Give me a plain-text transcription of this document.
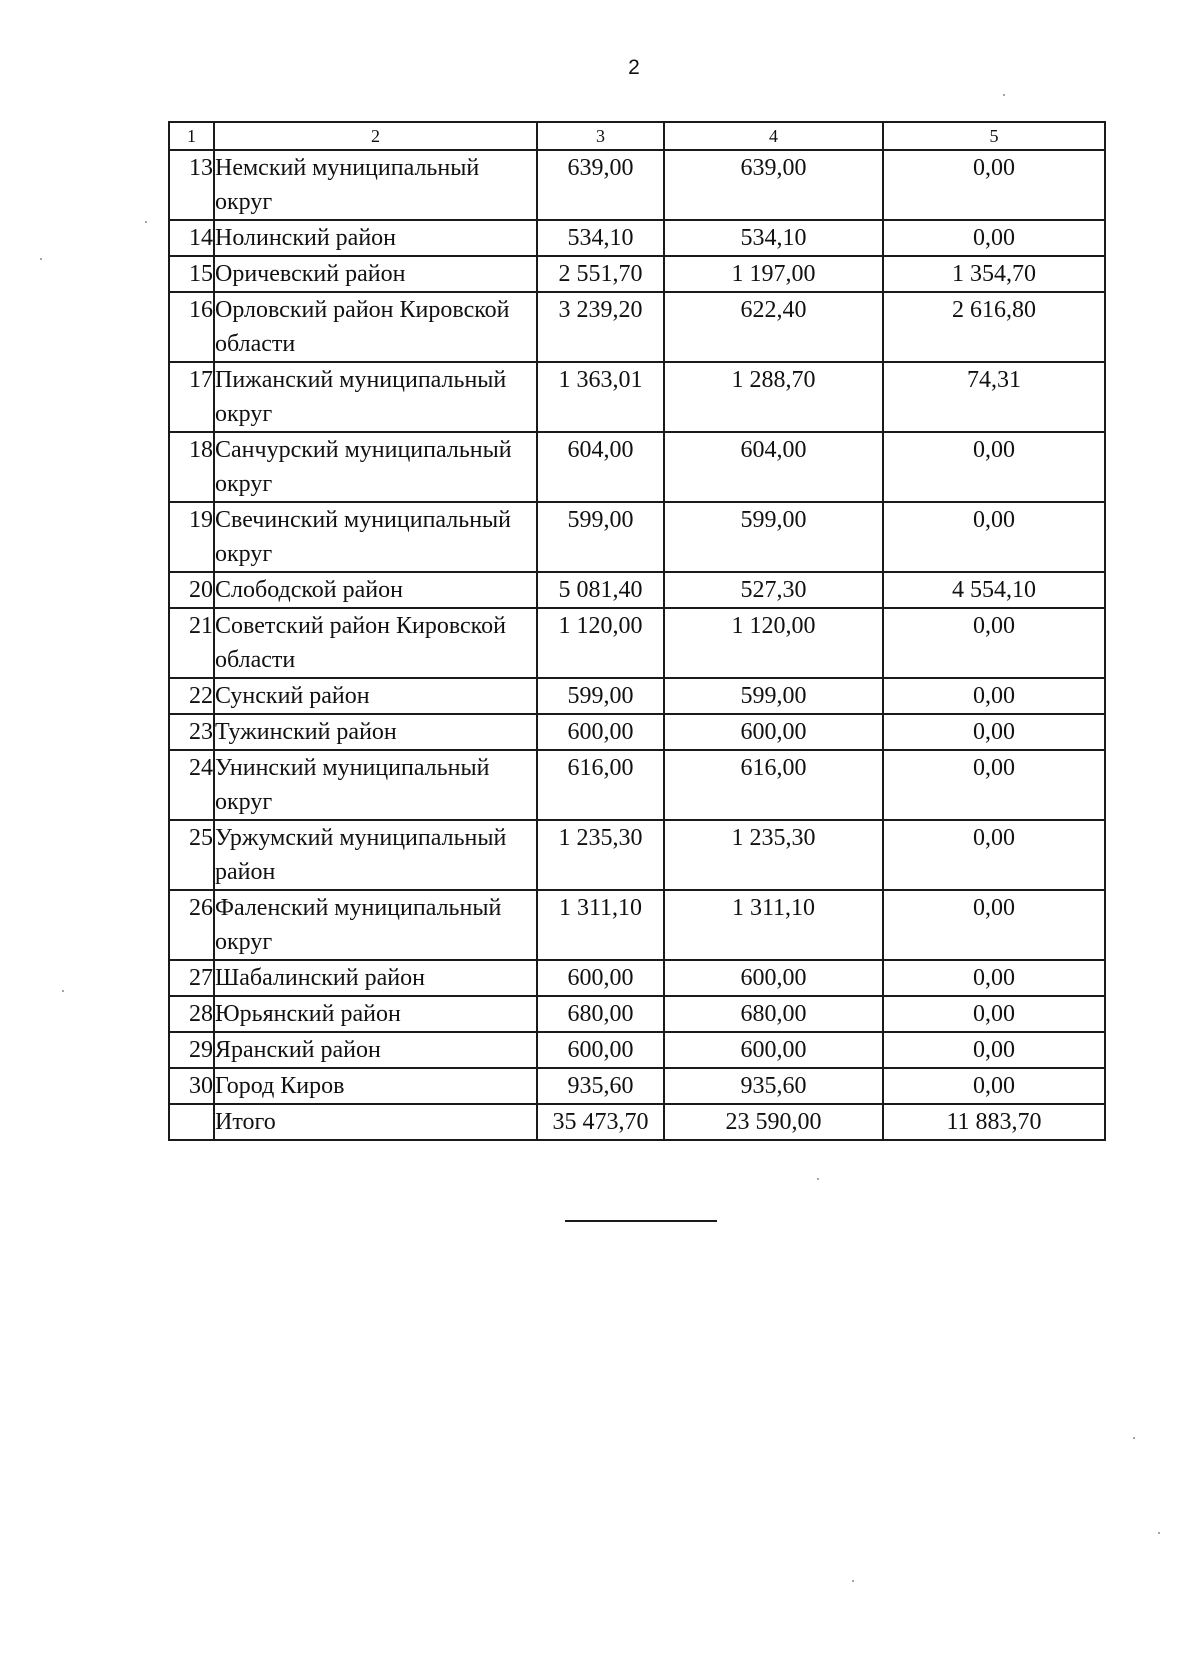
2
1	2	3	4	5
13	Немский муниципальный округ	639,00	639,00	0,00
14	Нолинский район	534,10	534,10	0,00
15	Оричевский район	2 551,70	1 197,00	1 354,70
16	Орловский район Кировской области	3 239,20	622,40	2 616,80
17	Пижанский муниципальный округ	1 363,01	1 288,70	74,31
18	Санчурский муниципальный округ	604,00	604,00	0,00
19	Свечинский муниципальный округ	599,00	599,00	0,00
20	Слободской район	5 081,40	527,30	4 554,10
21	Советский район Кировской области	1 120,00	1 120,00	0,00
22	Сунский район	599,00	599,00	0,00
23	Тужинский район	600,00	600,00	0,00
24	Унинский муниципальный округ	616,00	616,00	0,00
25	Уржумский муниципальный район	1 235,30	1 235,30	0,00
26	Фаленский муниципальный округ	1 311,10	1 311,10	0,00
27	Шабалинский район	600,00	600,00	0,00
28	Юрьянский район	680,00	680,00	0,00
29	Яранский район	600,00	600,00	0,00
30	Город Киров	935,60	935,60	0,00
	Итого	35 473,70	23 590,00	11 883,70
